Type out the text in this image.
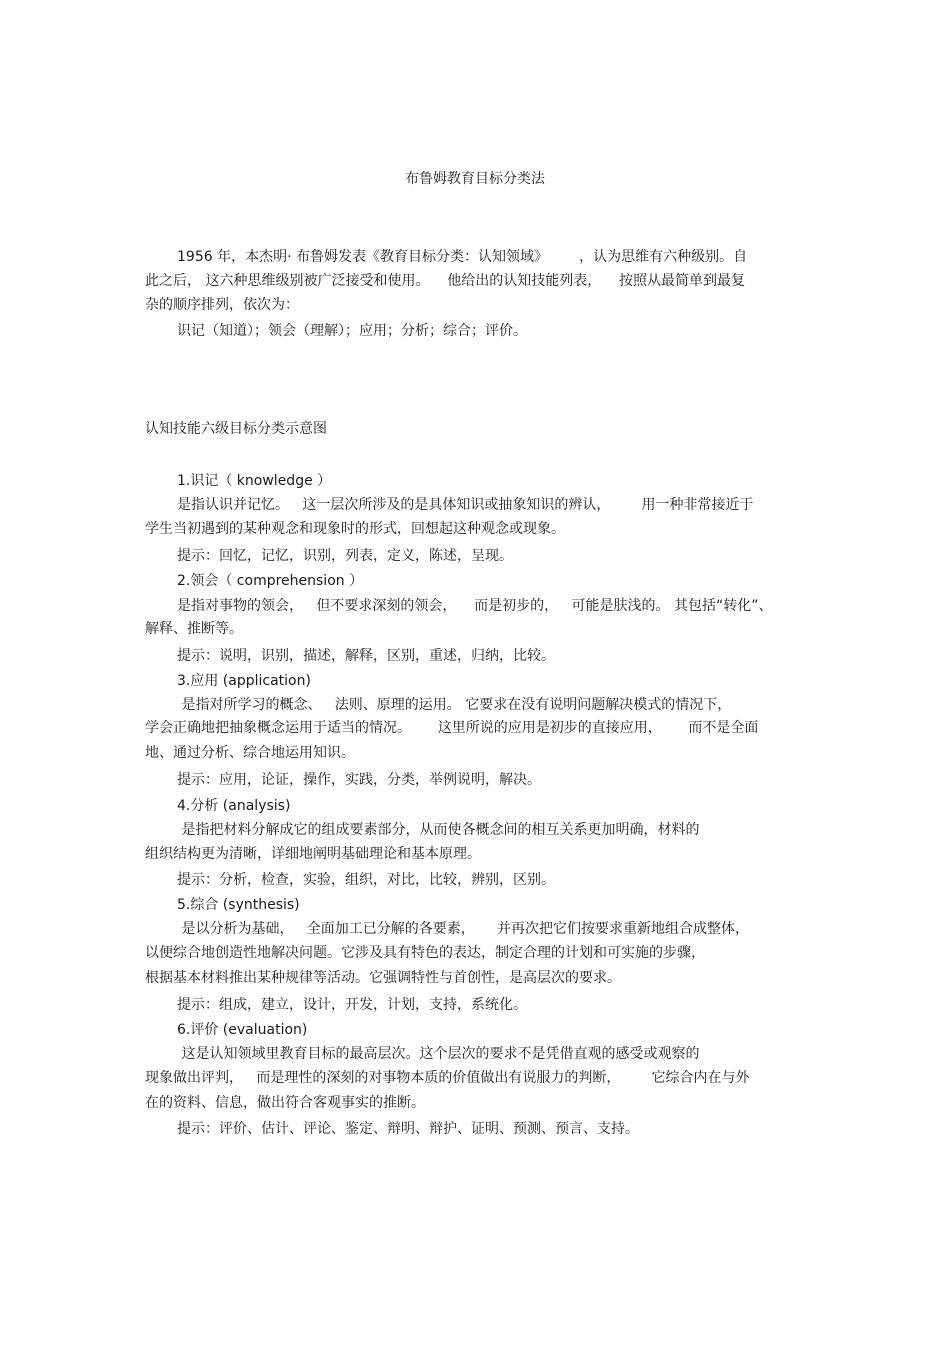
布鲁姆教育目标分类法
1956 年，本杰明· 布鲁姆发表《教育目标分类：认知领域》       ，认为思维有六种级别。自
此之后， 这六种思维级别被广泛接受和使用。    他给出的认知技能列表，    按照从最简单到最复
杂的顺序排列，依次为：
识记（知道）；领会（理解）；应用；分析；综合；评价。
认知技能六级目标分类示意图
1.识记（ knowledge ）
是指认识并记忆。   这一层次所涉及的是具体知识或抽象知识的辨认，       用一种非常接近于
学生当初遇到的某种观念和现象时的形式，回想起这种观念或现象。
提示：回忆，记忆，识别，列表，定义，陈述，呈现。
2.领会（ comprehension ）
是指对事物的领会，   但不要求深刻的领会，    而是初步的，   可能是肤浅的。 其包括“转化”、
解释、推断等。
提示：说明，识别，描述，解释，区别，重述，归纳，比较。
3.应用 (application)
是指对所学习的概念、   法则、原理的运用。 它要求在没有说明问题解决模式的情况下，
学会正确地把抽象概念运用于适当的情况。      这里所说的应用是初步的直接应用，      而不是全面
地、通过分析、综合地运用知识。
提示：应用，论证，操作，实践，分类，举例说明，解决。
4.分析 (analysis)
是指把材料分解成它的组成要素部分，从而使各概念间的相互关系更加明确，材料的
组织结构更为清晰，详细地阐明基础理论和基本原理。
提示：分析，检查，实验，组织，对比，比较，辨别，区别。
5.综合 (synthesis)
是以分析为基础，   全面加工已分解的各要素，     并再次把它们按要求重新地组合成整体，
以便综合地创造性地解决问题。它涉及具有特色的表达，制定合理的计划和可实施的步骤，
根据基本材料推出某种规律等活动。它强调特性与首创性，是高层次的要求。
提示：组成，建立，设计，开发，计划，支持，系统化。
6.评价 (evaluation)
这是认知领域里教育目标的最高层次。这个层次的要求不是凭借直观的感受或观察的
现象做出评判，   而是理性的深刻的对事物本质的价值做出有说服力的判断，       它综合内在与外
在的资料、信息，做出符合客观事实的推断。
提示：评价、估计、评论、鉴定、辩明、辩护、证明、预测、预言、支持。
